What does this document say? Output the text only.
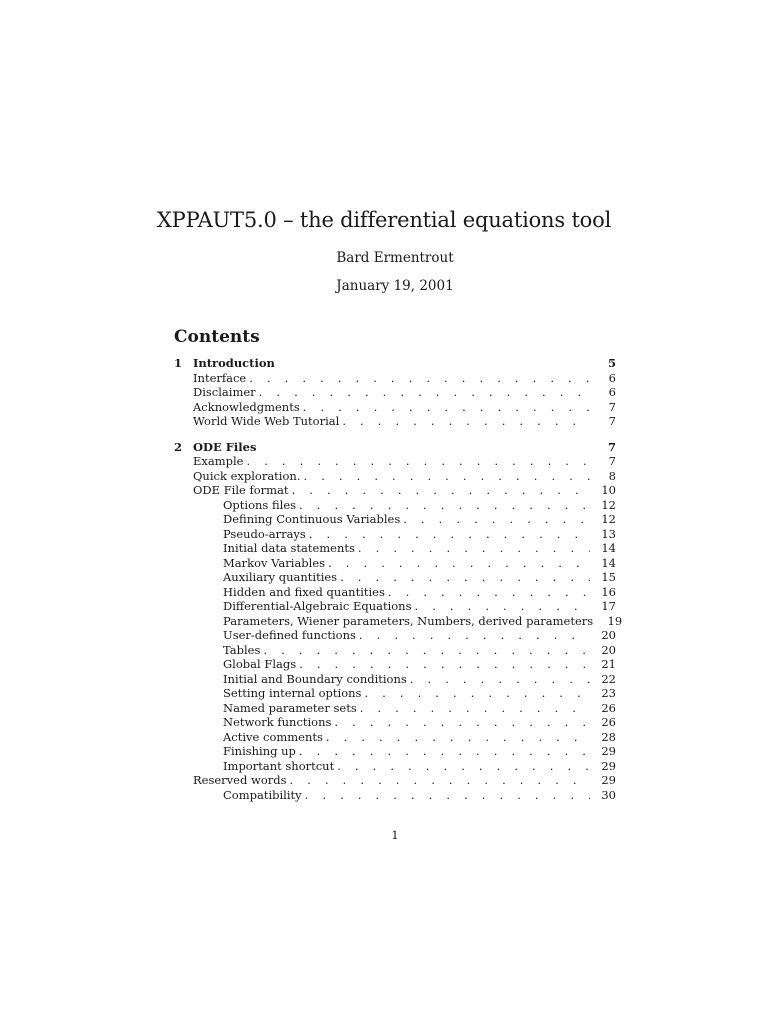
XPPAUT5.0 – the differential equations tool
Bard Ermentrout
January 19, 2001
Contents
1 Introduction	5
Interface . . .	6
Disclaimer . . .	6
Acknowledgments . . .	7
World Wide Web Tutorial . . .	7
2 ODE Files	7
Example . . .	7
Quick exploration. . . .	8
ODE File format . . .	10
Options files . . .	12
Defining Continuous Variables . . .	12
Pseudo-arrays . . .	13
Initial data statements . . .	14
Markov Variables . . .	14
Auxiliary quantities . . .	15
Hidden and fixed quantities . . .	16
Differential-Algebraic Equations . . .	17
Parameters, Wiener parameters, Numbers, derived parameters	19
User-defined functions . . .	20
Tables . . .	20
Global Flags . . .	21
Initial and Boundary conditions . . .	22
Setting internal options . . .	23
Named parameter sets . . .	26
Network functions . . .	26
Active comments . . .	28
Finishing up . . .	29
Important shortcut . . .	29
Reserved words . . .	29
Compatibility . . .	30
1
